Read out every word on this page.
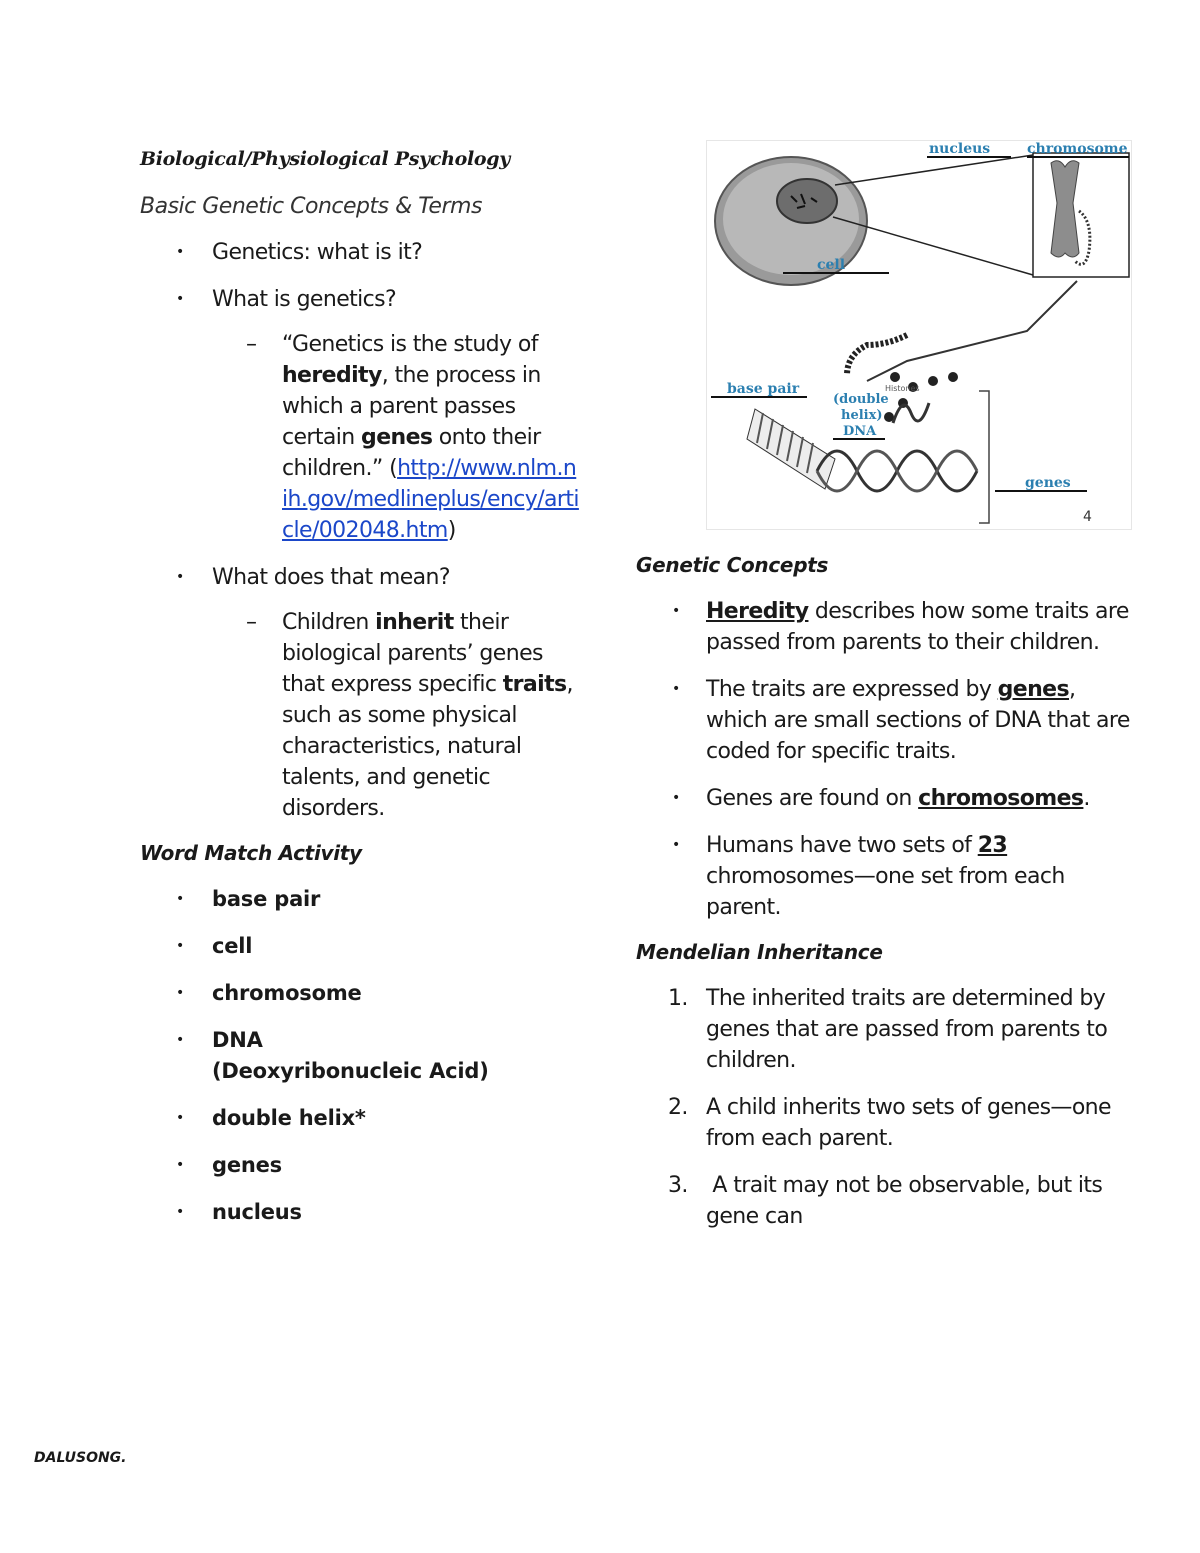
Biological/Physiological Psychology
Basic Genetic Concepts & Terms
• Genetics: what is it?
• What is genetics?
– “Genetics is the study of heredity, the process in which a parent passes certain genes onto their children.” (http://www.nlm.nih.gov/medlineplus/ency/article/002048.htm)
• What does that mean?
– Children inherit their biological parents’ genes that express specific traits, such as some physical characteristics, natural talents, and genetic disorders.
Word Match Activity
• base pair
• cell
• chromosome
• DNA
(Deoxyribonucleic Acid)
• double helix*
• genes
• nucleus
nucleus	chromosome
cell
base pair
(double
helix)
DNA
Histones
genes
4
Genetic Concepts
• Heredity describes how some traits are passed from parents to their children.
• The traits are expressed by genes, which are small sections of DNA that are coded for specific traits.
• Genes are found on chromosomes.
• Humans have two sets of 23 chromosomes—one set from each parent.
Mendelian Inheritance
1. The inherited traits are determined by genes that are passed from parents to children.
2. A child inherits two sets of genes—one from each parent.
3. A trait may not be observable, but its gene can
DALUSONG.
